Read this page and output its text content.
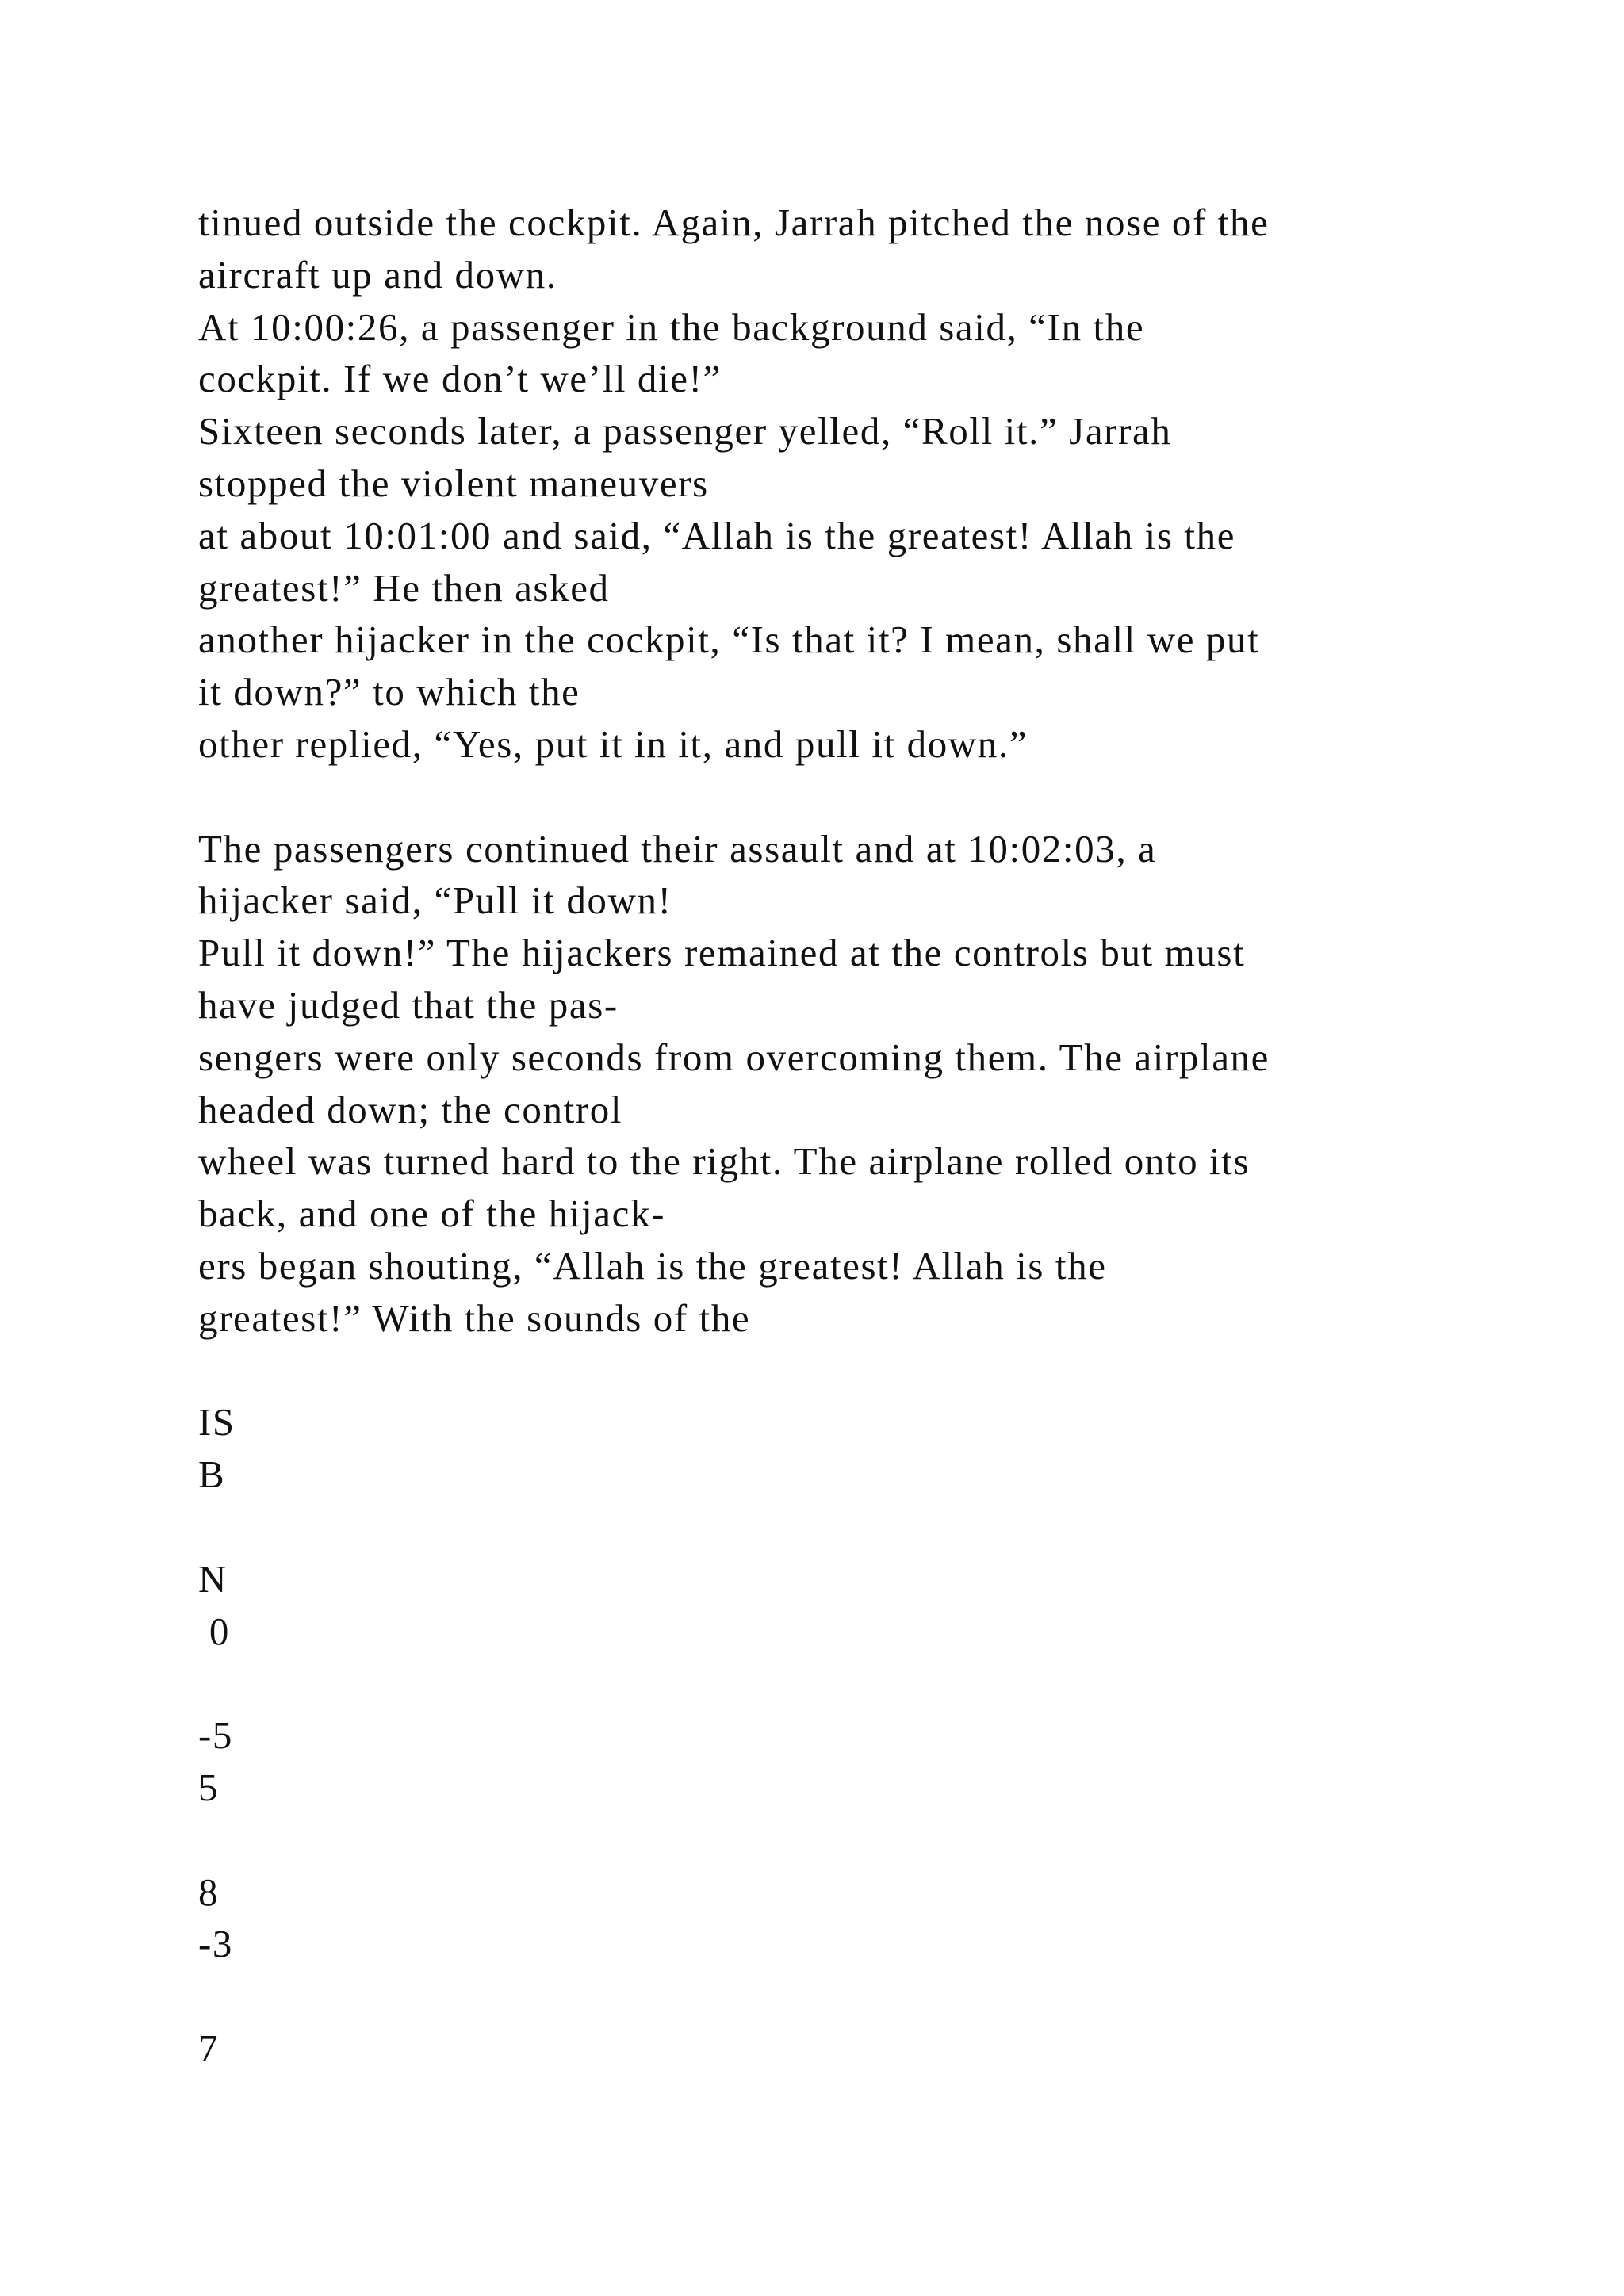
tinued outside the cockpit. Again, Jarrah pitched the nose of the
aircraft up and down.
At 10:00:26, a passenger in the background said, “In the
cockpit. If we don’t we’ll die!”
Sixteen seconds later, a passenger yelled, “Roll it.” Jarrah
stopped the violent maneuvers
at about 10:01:00 and said, “Allah is the greatest! Allah is the
greatest!” He then asked
another hijacker in the cockpit, “Is that it? I mean, shall we put
it down?” to which the
other replied, “Yes, put it in it, and pull it down.”
The passengers continued their assault and at 10:02:03, a
hijacker said, “Pull it down!
Pull it down!” The hijackers remained at the controls but must
have judged that the pas-
sengers were only seconds from overcoming them. The airplane
headed down; the control
wheel was turned hard to the right. The airplane rolled onto its
back, and one of the hijack-
ers began shouting, “Allah is the greatest! Allah is the
greatest!” With the sounds of the
IS
B
N
0
-5
5
8
-3
7
